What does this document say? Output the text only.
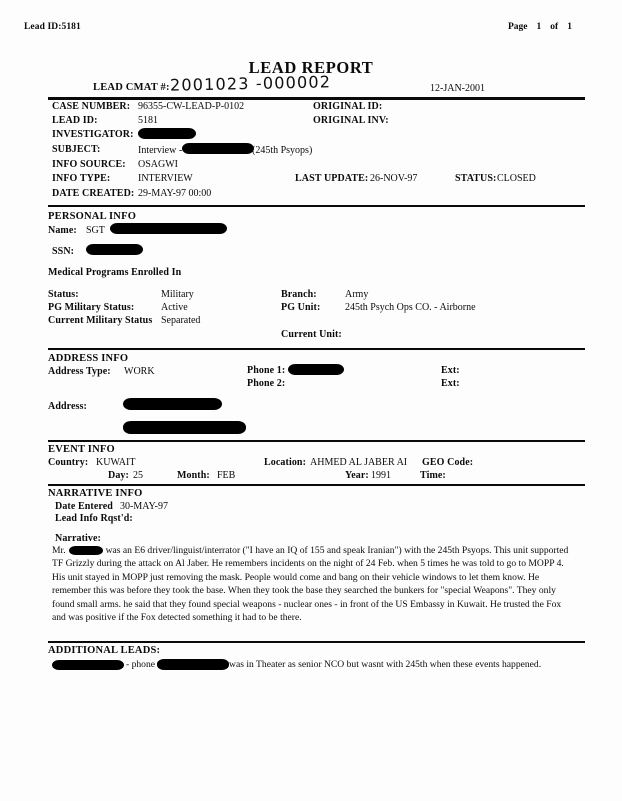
Lead ID:5181	Page 1 of 1
LEAD REPORT
LEAD CMAT #: 2001023 -000002	12-JAN-2001
CASE NUMBER: 96355-CW-LEAD-P-0102	ORIGINAL ID:
LEAD ID:	5181	ORIGINAL INV:
INVESTIGATOR:
SUBJECT:	Interview -	(245th Psyops)
INFO SOURCE: OSAGWI
INFO TYPE:	INTERVIEW	LAST UPDATE: 26-NOV-97	STATUS: CLOSED
DATE CREATED: 29-MAY-97 00:00
PERSONAL INFO
Name: SGT
SSN:
Medical Programs Enrolled In
Status:	Military	Branch:	Army
PG Military Status:	Active	PG Unit: 245th Psych Ops CO. - Airborne
Current Military Status Separated
Current Unit:
ADDRESS INFO
Address Type: WORK	Phone 1:	Ext:
Phone 2:	Ext:
Address:
EVENT INFO
Country: KUWAIT	Location: AHMED AL JABER AI GEO Code:
Day: 25	Month: FEB	Year: 1991	Time:
NARRATIVE INFO
Date Entered 30-MAY-97
Lead Info Rqst'd:
Narrative:
Mr.	was an E6 driver/linguist/interrator ("I have an IQ of 155 and speak Iranian") with the 245th Psyops. This unit supported TF Grizzly during the attack on Al Jaber. He remembers incidents on the night of 24 Feb. when 5 times he was told to go to MOPP 4. His unit stayed in MOPP just removing the mask. People would come and bang on their vehicle windows to let them know. He remember this was before they took the base. When they took the base they searched the bunkers for "special Weapons". They only found small arms. he said that they found special weapons - nuclear ones - in front of the US Embassy in Kuwait. He trusted the Fox and was positive if the Fox detected something it had to be there.
ADDITIONAL LEADS:
- phone	was in Theater as senior NCO but wasnt with 245th when these events happened.
